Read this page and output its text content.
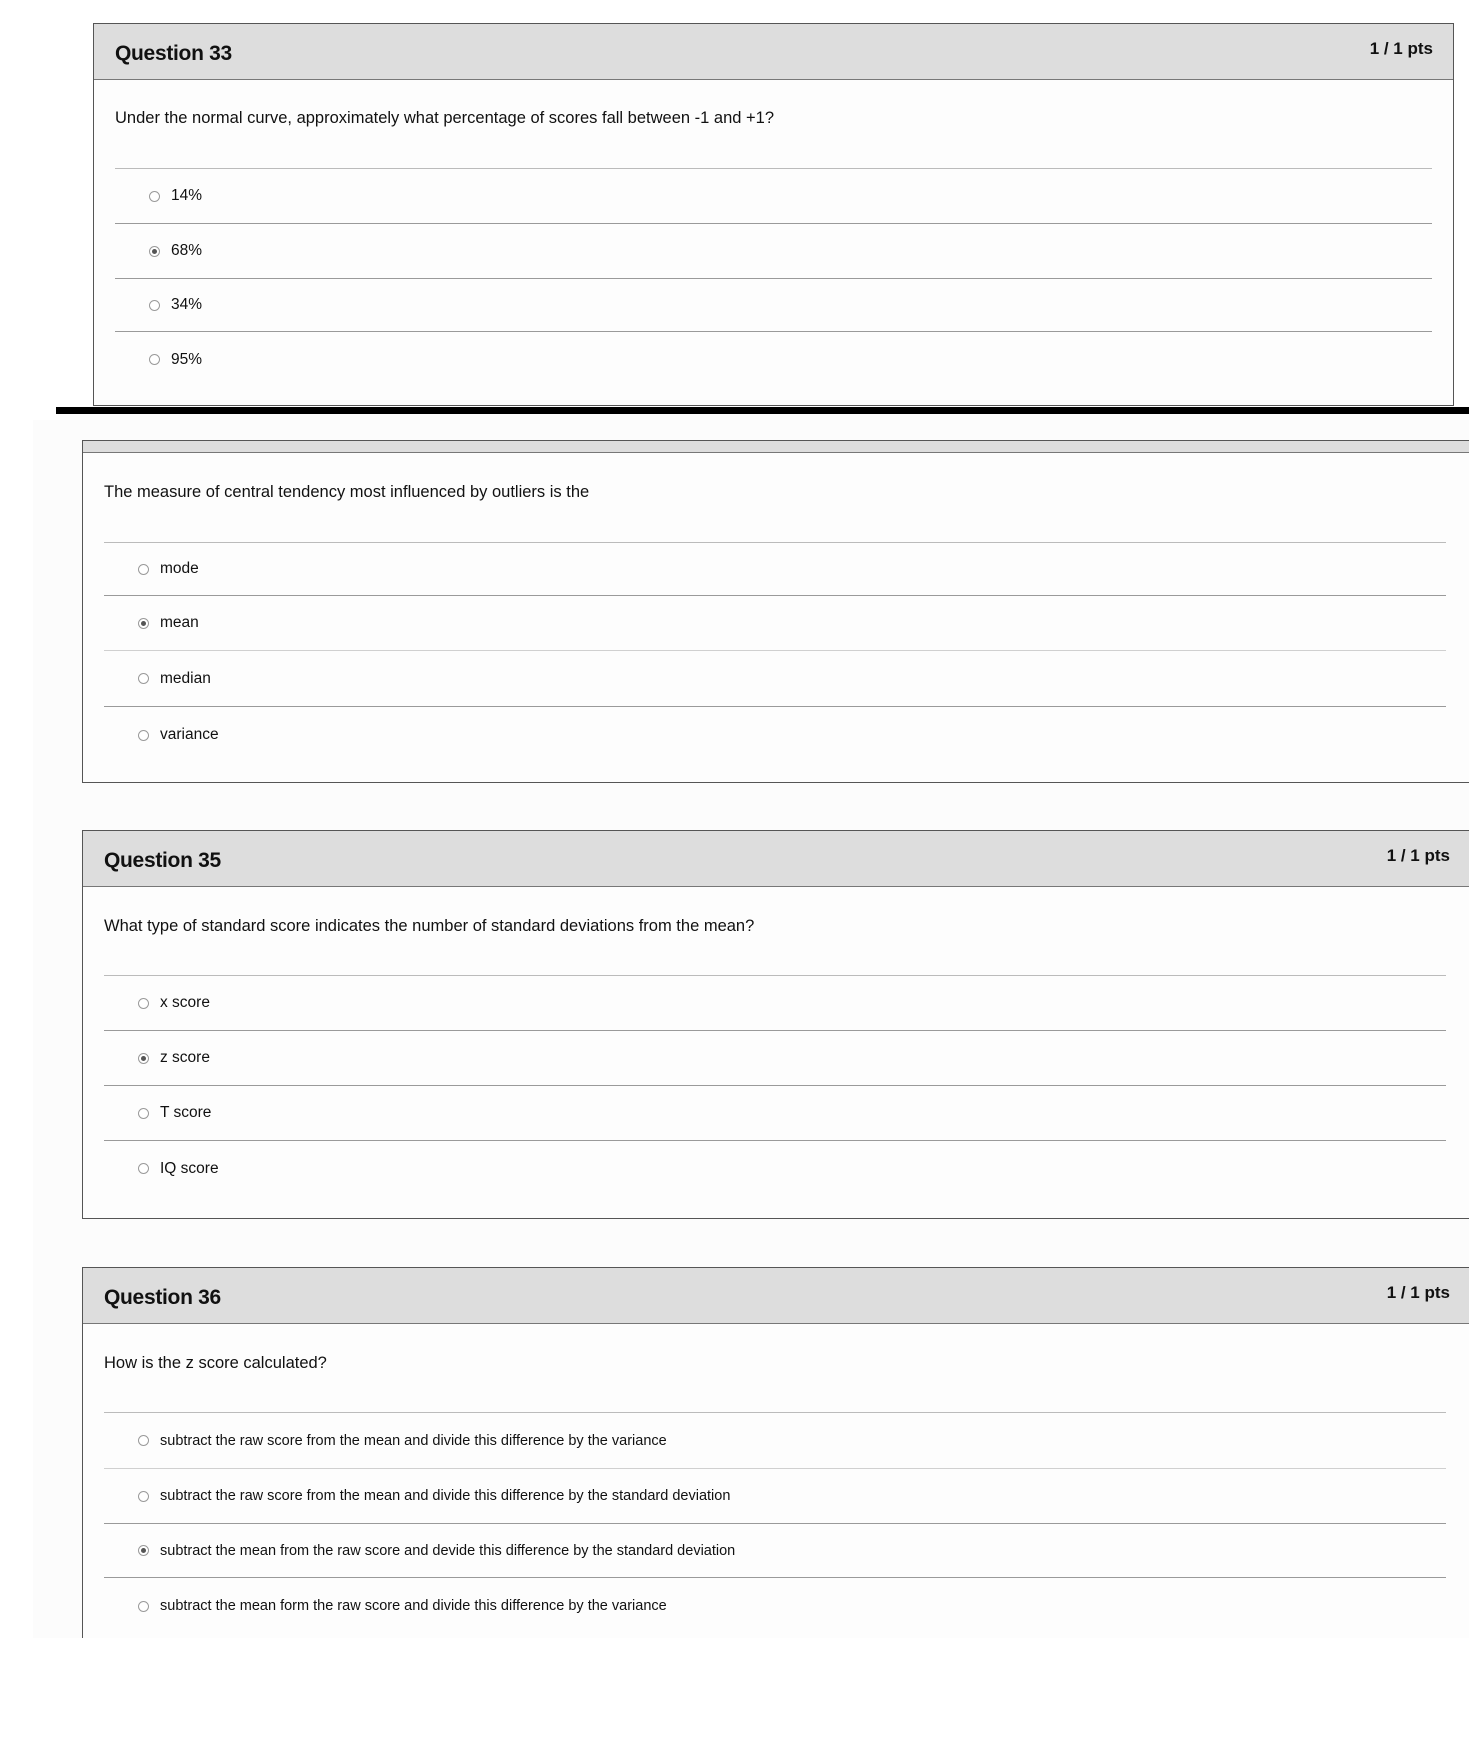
Question 33	1 / 1 pts
Under the normal curve, approximately what percentage of scores fall between -1 and +1?
14%
68%
34%
95%
The measure of central tendency most influenced by outliers is the
mode
mean
median
variance
Question 35	1 / 1 pts
What type of standard score indicates the number of standard deviations from the mean?
x score
z score
T score
IQ score
Question 36	1 / 1 pts
How is the z score calculated?
subtract the raw score from the mean and divide this difference by the variance
subtract the raw score from the mean and divide this difference by the standard deviation
subtract the mean from the raw score and devide this difference by the standard deviation
subtract the mean form the raw score and divide this difference by the variance
